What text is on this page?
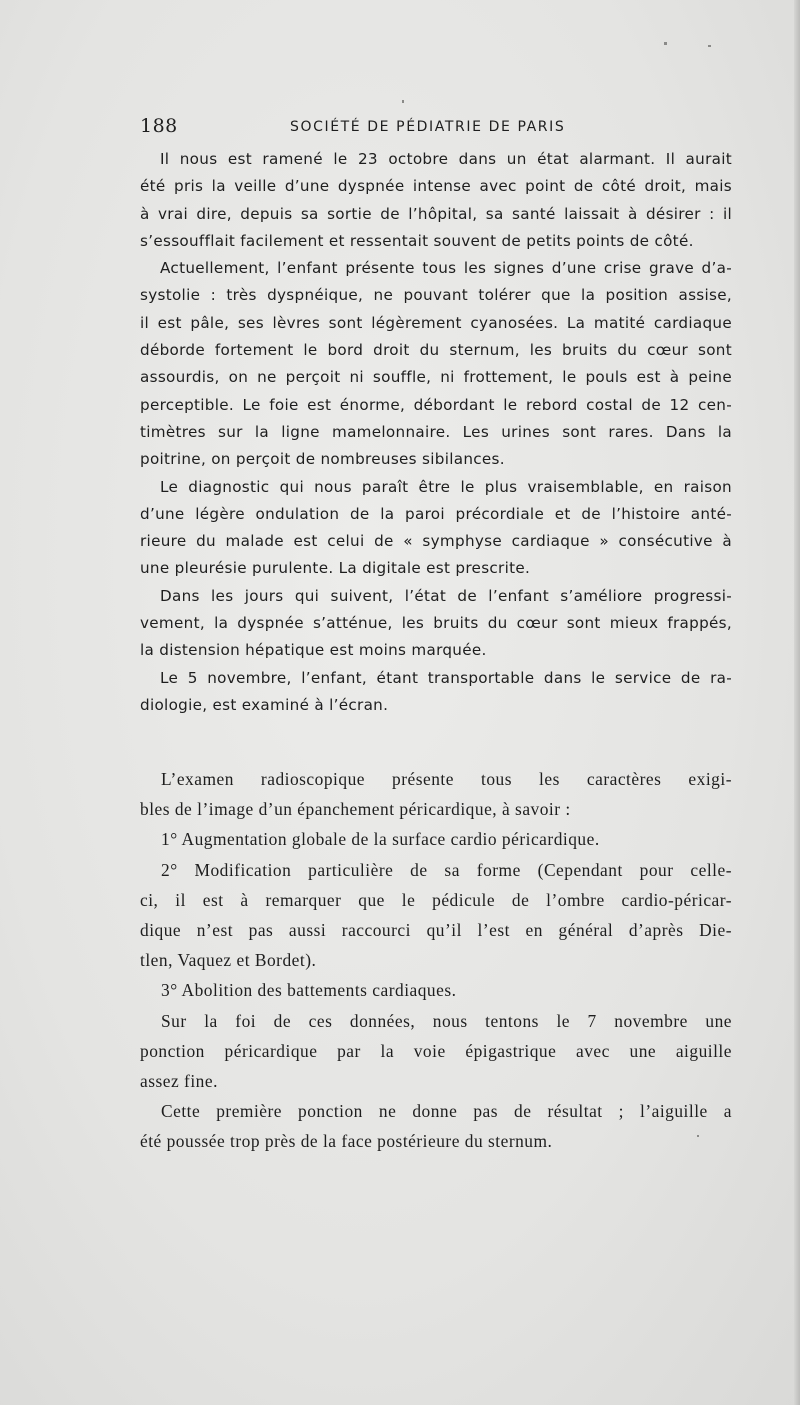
188	SOCIÉTÉ DE PÉDIATRIE DE PARIS
Il nous est ramené le 23 octobre dans un état alarmant. Il aurait
été pris la veille d’une dyspnée intense avec point de côté droit, mais
à vrai dire, depuis sa sortie de l’hôpital, sa santé laissait à désirer : il
s’essoufflait facilement et ressentait souvent de petits points de côté.
Actuellement, l’enfant présente tous les signes d’une crise grave d’a-
systolie : très dyspnéique, ne pouvant tolérer que la position assise,
il est pâle, ses lèvres sont légèrement cyanosées. La matité cardiaque
déborde fortement le bord droit du sternum, les bruits du cœur sont
assourdis, on ne perçoit ni souffle, ni frottement, le pouls est à peine
perceptible. Le foie est énorme, débordant le rebord costal de 12 cen-
timètres sur la ligne mamelonnaire. Les urines sont rares. Dans la
poitrine, on perçoit de nombreuses sibilances.
Le diagnostic qui nous paraît être le plus vraisemblable, en raison
d’une légère ondulation de la paroi précordiale et de l’histoire anté-
rieure du malade est celui de « symphyse cardiaque » consécutive à
une pleurésie purulente. La digitale est prescrite.
Dans les jours qui suivent, l’état de l’enfant s’améliore progressi-
vement, la dyspnée s’atténue, les bruits du cœur sont mieux frappés,
la distension hépatique est moins marquée.
Le 5 novembre, l’enfant, étant transportable dans le service de ra-
diologie, est examiné à l’écran.
L’examen radioscopique présente tous les caractères exigi-
bles de l’image d’un épanchement péricardique, à savoir :
1° Augmentation globale de la surface cardio péricardique.
2° Modification particulière de sa forme (Cependant pour celle-
ci, il est à remarquer que le pédicule de l’ombre cardio-péricar-
dique n’est pas aussi raccourci qu’il l’est en général d’après Die-
tlen, Vaquez et Bordet).
3° Abolition des battements cardiaques.
Sur la foi de ces données, nous tentons le 7 novembre une
ponction péricardique par la voie épigastrique avec une aiguille
assez fine.
Cette première ponction ne donne pas de résultat ; l’aiguille a
été poussée trop près de la face postérieure du sternum.
